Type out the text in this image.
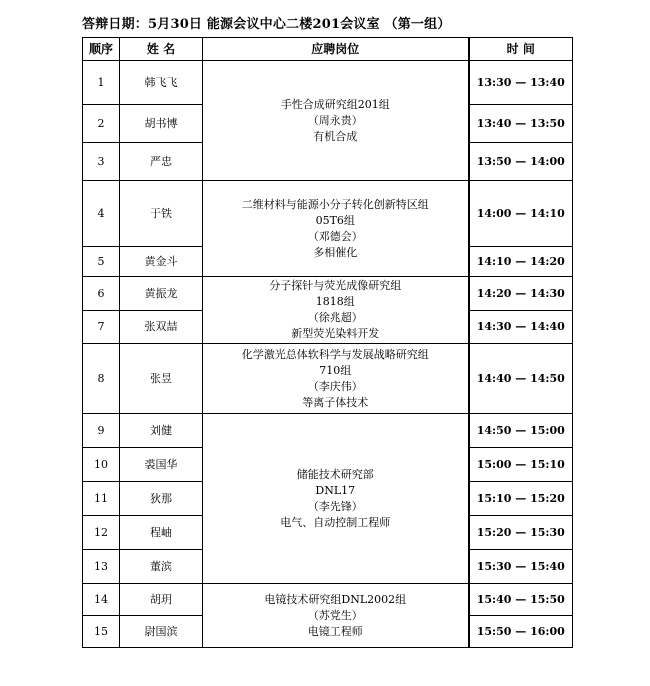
答辩日期：5月30日 能源会议中心二楼201会议室 （第一组）
顺序	姓 名	应聘岗位	时 间
1	韩飞飞	手性合成研究组201组
（周永贵）
有机合成	13:30 — 13:40
2	胡书博		13:40 — 13:50
3	严忠		13:50 — 14:00
4	于铁	二维材料与能源小分子转化创新特区组
05T6组
（邓德会）
多相催化	14:00 — 14:10
5	黄金斗		14:10 — 14:20
6	黄振龙	分子探针与荧光成像研究组
1818组
（徐兆超）
新型荧光染料开发	14:20 — 14:30
7	张双喆		14:30 — 14:40
8	张昱	化学激光总体软科学与发展战略研究组
710组
（李庆伟）
等离子体技术	14:40 — 14:50
9	刘健	储能技术研究部
DNL17
（李先锋）
电气、自动控制工程师	14:50 — 15:00
10	裘国华		15:00 — 15:10
11	狄那		15:10 — 15:20
12	程岫		15:20 — 15:30
13	董滨		15:30 — 15:40
14	胡玥	电镜技术研究组DNL2002组
（苏党生）
电镜工程师	15:40 — 15:50
15	尉国滨		15:50 — 16:00
